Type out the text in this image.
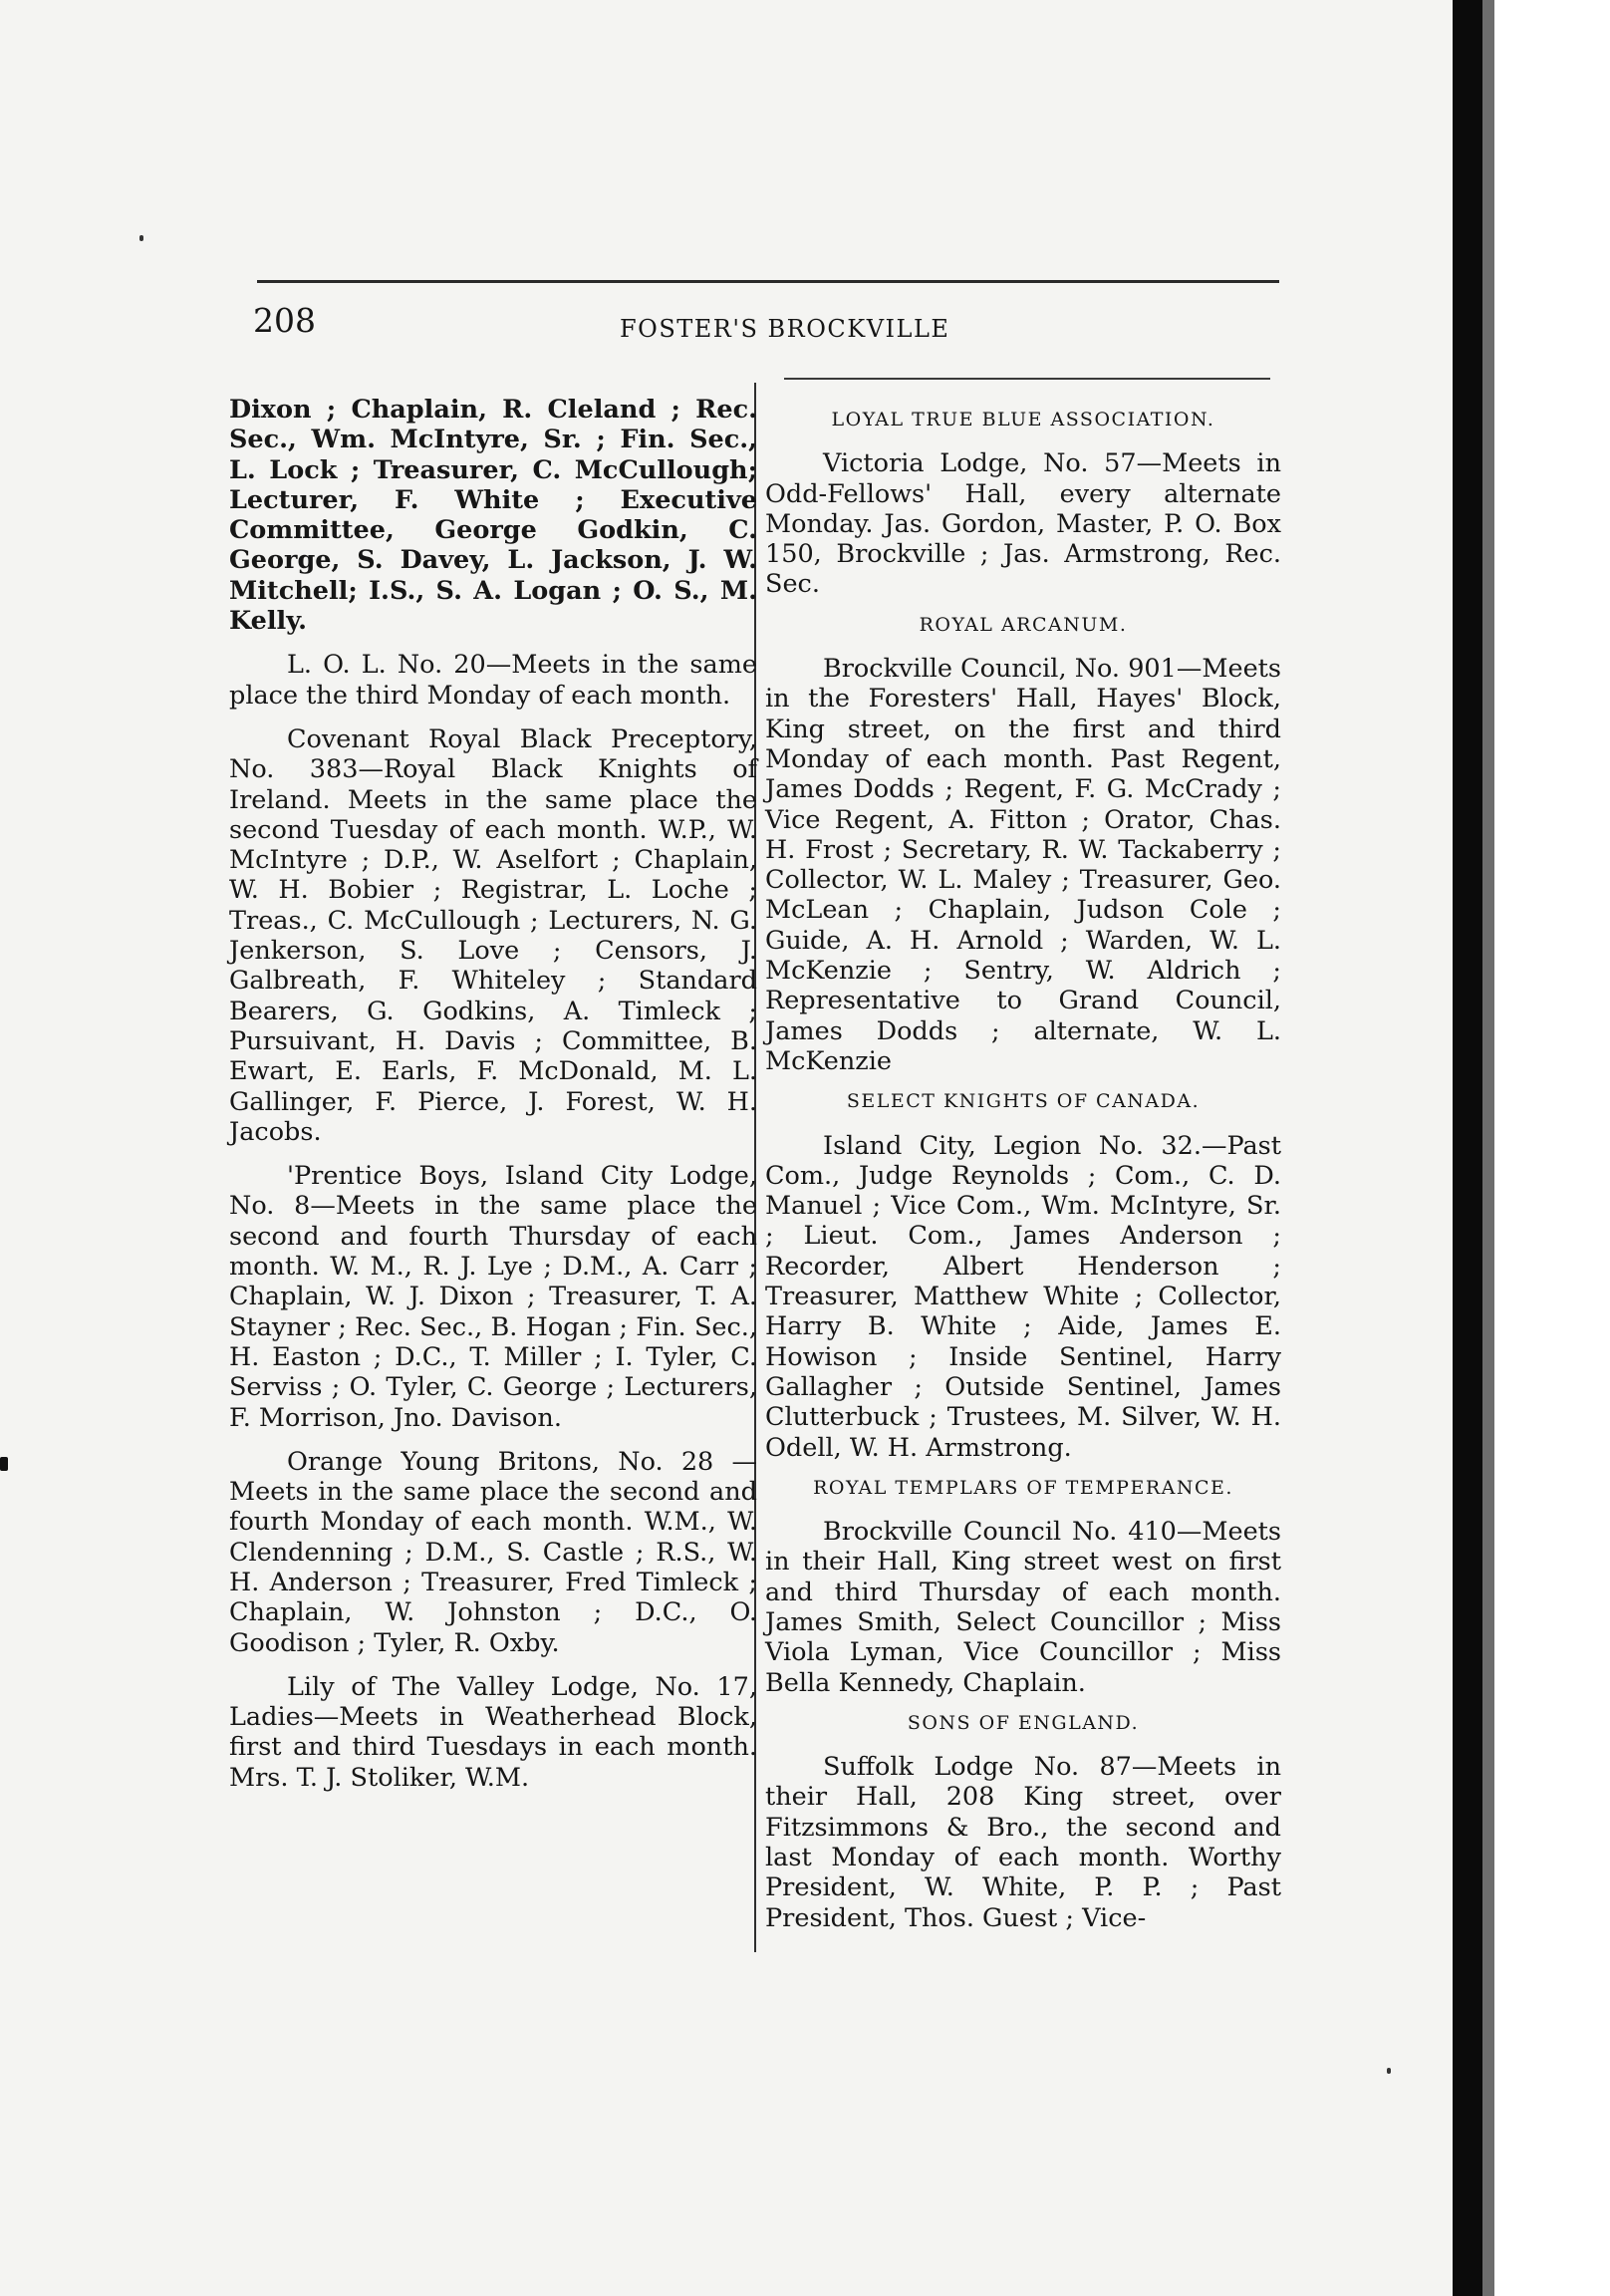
208	FOSTER'S BROCKVILLE

Dixon ; Chaplain, R. Cleland ; Rec. Sec., Wm. McIntyre, Sr. ; Fin. Sec., L. Lock ; Treasurer, C. McCullough; Lecturer, F. White ; Executive Committee, George Godkin, C. George, S. Davey, L. Jackson, J. W. Mitchell; I.S., S. A. Logan ; O. S., M. Kelly.

L. O. L. No. 20—Meets in the same place the third Monday of each month.

Covenant Royal Black Preceptory, No. 383—Royal Black Knights of Ireland. Meets in the same place the second Tuesday of each month. W.P., W. McIntyre ; D.P., W. Aselfort ; Chaplain, W. H. Bobier ; Registrar, L. Loche ; Treas., C. McCullough ; Lecturers, N. G. Jenkerson, S. Love ; Censors, J. Galbreath, F. Whiteley ; Standard Bearers, G. Godkins, A. Timleck ; Pursuivant, H. Davis ; Committee, B. Ewart, E. Earls, F. McDonald, M. L. Gallinger, F. Pierce, J. Forest, W. H. Jacobs.

'Prentice Boys, Island City Lodge, No. 8—Meets in the same place the second and fourth Thursday of each month. W. M., R. J. Lye ; D.M., A. Carr ; Chaplain, W. J. Dixon ; Treasurer, T. A. Stayner ; Rec. Sec., B. Hogan ; Fin. Sec., H. Easton ; D.C., T. Miller ; I. Tyler, C. Serviss ; O. Tyler, C. George ; Lecturers, F. Morrison, Jno. Davison.

Orange Young Britons, No. 28 —Meets in the same place the second and fourth Monday of each month. W.M., W. Clendenning ; D.M., S. Castle ; R.S., W. H. Anderson ; Treasurer, Fred Timleck ; Chaplain, W. Johnston ; D.C., O. Goodison ; Tyler, R. Oxby.

Lily of The Valley Lodge, No. 17, Ladies—Meets in Weatherhead Block, first and third Tuesdays in each month. Mrs. T. J. Stoliker, W.M.

LOYAL TRUE BLUE ASSOCIATION.

Victoria Lodge, No. 57—Meets in Odd-Fellows' Hall, every alternate Monday. Jas. Gordon, Master, P. O. Box 150, Brockville ; Jas. Armstrong, Rec. Sec.

ROYAL ARCANUM.

Brockville Council, No. 901—Meets in the Foresters' Hall, Hayes' Block, King street, on the first and third Monday of each month. Past Regent, James Dodds ; Regent, F. G. McCrady ; Vice Regent, A. Fitton ; Orator, Chas. H. Frost ; Secretary, R. W. Tackaberry ; Collector, W. L. Maley ; Treasurer, Geo. McLean ; Chaplain, Judson Cole ; Guide, A. H. Arnold ; Warden, W. L. McKenzie ; Sentry, W. Aldrich ; Representative to Grand Council, James Dodds ; alternate, W. L. McKenzie

SELECT KNIGHTS OF CANADA.

Island City, Legion No. 32.—Past Com., Judge Reynolds ; Com., C. D. Manuel ; Vice Com., Wm. McIntyre, Sr. ; Lieut. Com., James Anderson ; Recorder, Albert Henderson ; Treasurer, Matthew White ; Collector, Harry B. White ; Aide, James E. Howison ; Inside Sentinel, Harry Gallagher ; Outside Sentinel, James Clutterbuck ; Trustees, M. Silver, W. H. Odell, W. H. Armstrong.

ROYAL TEMPLARS OF TEMPERANCE.

Brockville Council No. 410—Meets in their Hall, King street west on first and third Thursday of each month. James Smith, Select Councillor ; Miss Viola Lyman, Vice Councillor ; Miss Bella Kennedy, Chaplain.

SONS OF ENGLAND.

Suffolk Lodge No. 87—Meets in their Hall, 208 King street, over Fitzsimmons & Bro., the second and last Monday of each month. Worthy President, W. White, P. P. ; Past President, Thos. Guest ; Vice-
